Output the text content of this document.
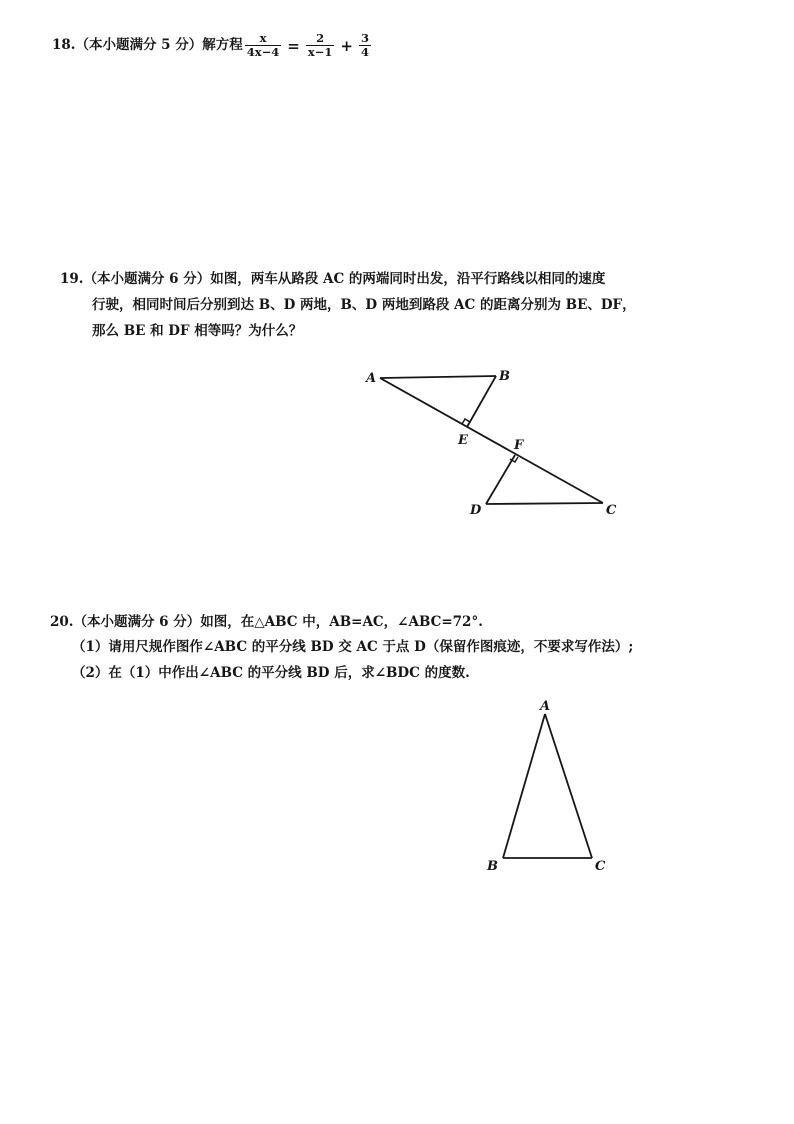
18.（本小题满分 5 分）解方程 $\frac{x}{4x-4} = \frac{2}{x-1} + \frac{3}{4}$
19.（本小题满分 6 分）如图，两车从路段 AC 的两端同时出发，沿平行路线以相同的速度
行驶，相同时间后分别到达 B、D 两地，B、D 两地到路段 AC 的距离分别为 BE、DF，
那么 BE 和 DF 相等吗？为什么？
20.（本小题满分 6 分）如图，在△ABC 中，AB=AC，∠ABC=72°.
（1）请用尺规作图作∠ABC 的平分线 BD 交 AC 于点 D（保留作图痕迹，不要求写作法）;
（2）在（1）中作出∠ABC 的平分线 BD 后，求∠BDC 的度数.
A	B
E	F
D	C
A
B	C
